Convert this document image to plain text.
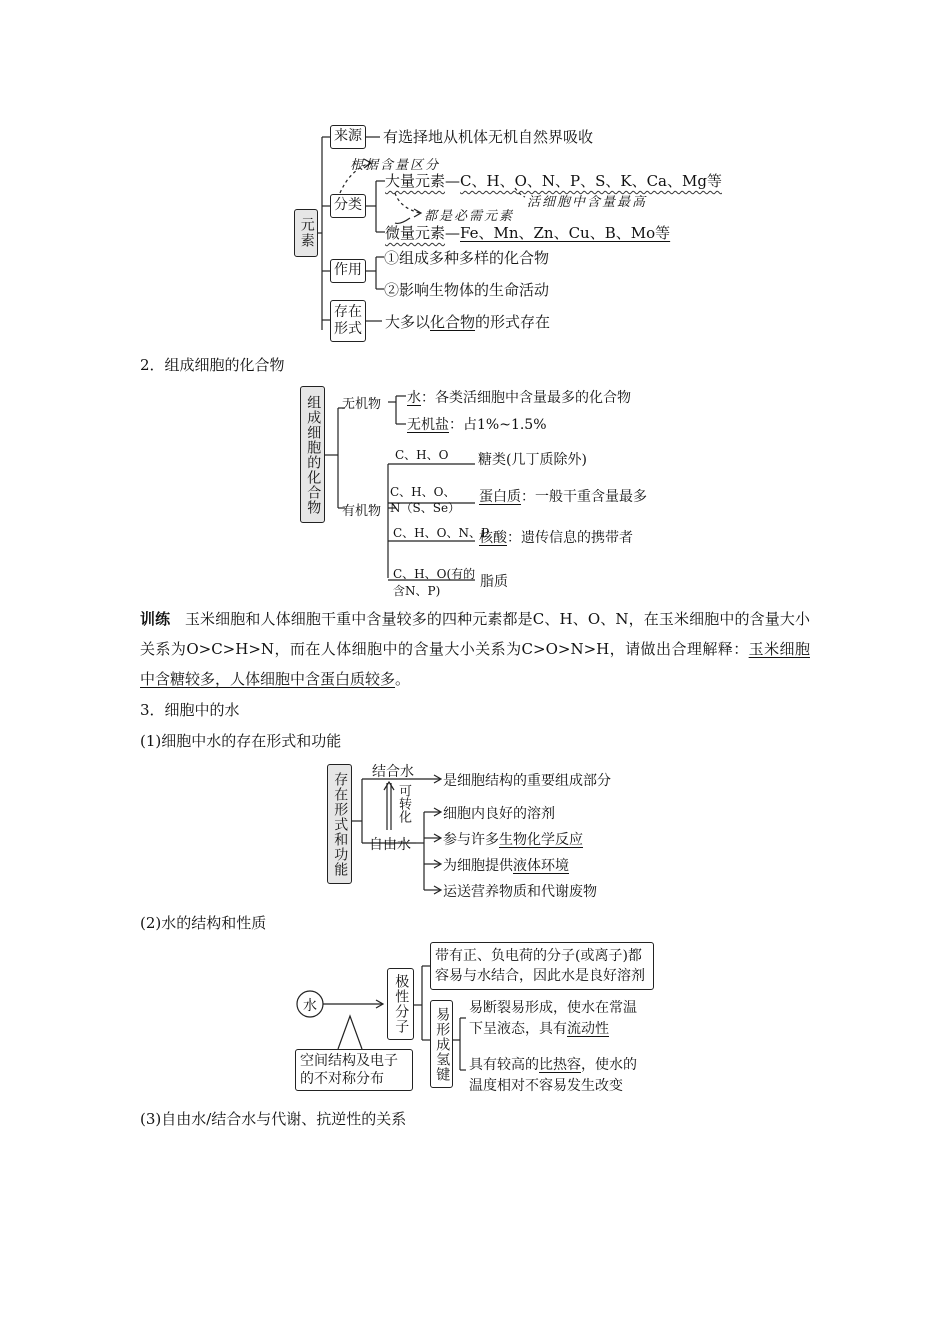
元素
来源 有选择地从机体无机自然界吸收
分类
根据含量区分
大量元素—C、H、O、N、P、S、K、Ca、Mg等
活细胞中含量最高
都是必需元素
微量元素—Fe、Mn、Zn、Cu、B、Mo等
作用
①组成多种多样的化合物
②影响生物体的生命活动
存在形式 大多以化合物的形式存在
2．组成细胞的化合物
组成细胞的化合物 无机物 水：各类活细胞中含量最多的化合物
无机盐：占1%~1.5%
有机物
C、H、O 糖类(几丁质除外)
C、H、O、
N（S、Se）
蛋白质：一般干重含量最多
C、H、O、N、P
核酸：遗传信息的携带者
C、H、O(有的
含N、P)
脂质
训练 玉米细胞和人体细胞干重中含量较多的四种元素都是C、H、O、N，在玉米细胞中的含量大小关系为O>C>H>N，而在人体细胞中的含量大小关系为C>O>N>H，请做出合理解释：玉米细胞中含糖较多，人体细胞中含蛋白质较多。
3．细胞中的水
(1)细胞中水的存在形式和功能
存在形式和功能 结合水
是细胞结构的重要组成部分
可转化
自由水
细胞内良好的溶剂
参与许多生物化学反应
为细胞提供液体环境
运送营养物质和代谢废物
(2)水的结构和性质
水
空间结构及电子的不对称分布
极性分子
带有正、负电荷的分子(或离子)都
容易与水结合，因此水是良好溶剂
易形成氢键 易断裂易形成，使水在常温
下呈液态，具有流动性
具有较高的比热容，使水的
温度相对不容易发生改变
(3)自由水/结合水与代谢、抗逆性的关系
